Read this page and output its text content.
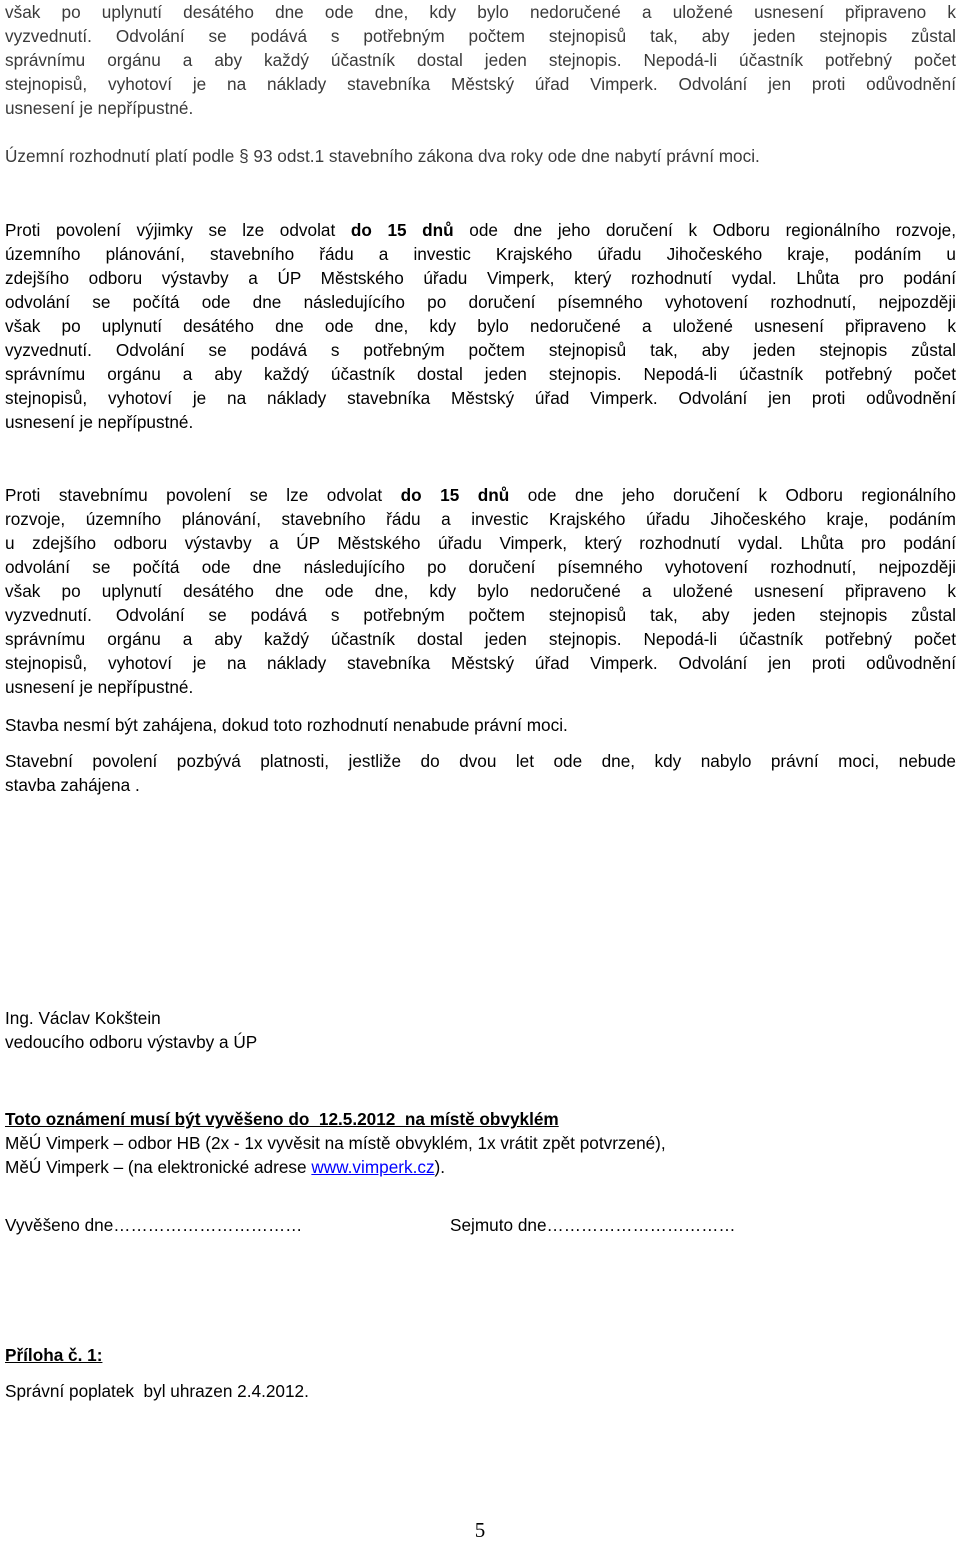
však po uplynutí desátého dne ode dne, kdy bylo nedoručené a uložené usnesení připraveno k
vyzvednutí. Odvolání se podává s potřebným počtem stejnopisů tak, aby jeden stejnopis zůstal
správnímu orgánu a aby každý účastník dostal jeden stejnopis. Nepodá-li účastník potřebný počet
stejnopisů, vyhotoví je na náklady stavebníka Městský úřad Vimperk. Odvolání jen proti odůvodnění
usnesení je nepřípustné.
Územní rozhodnutí platí podle § 93 odst.1 stavebního zákona dva roky ode dne nabytí právní moci.
Proti povolení výjimky se lze odvolat do 15 dnů ode dne jeho doručení k Odboru regionálního rozvoje,
územního plánování, stavebního řádu a investic Krajského úřadu Jihočeského kraje, podáním u
zdejšího odboru výstavby a ÚP Městského úřadu Vimperk, který rozhodnutí vydal. Lhůta pro podání
odvolání se počítá ode dne následujícího po doručení písemného vyhotovení rozhodnutí, nejpozději
však po uplynutí desátého dne ode dne, kdy bylo nedoručené a uložené usnesení připraveno k
vyzvednutí. Odvolání se podává s potřebným počtem stejnopisů tak, aby jeden stejnopis zůstal
správnímu orgánu a aby každý účastník dostal jeden stejnopis. Nepodá-li účastník potřebný počet
stejnopisů, vyhotoví je na náklady stavebníka Městský úřad Vimperk. Odvolání jen proti odůvodnění
usnesení je nepřípustné.
Proti stavebnímu povolení se lze odvolat do 15 dnů ode dne jeho doručení k Odboru regionálního
rozvoje, územního plánování, stavebního řádu a investic Krajského úřadu Jihočeského kraje, podáním
u zdejšího odboru výstavby a ÚP Městského úřadu Vimperk, který rozhodnutí vydal. Lhůta pro podání
odvolání se počítá ode dne následujícího po doručení písemného vyhotovení rozhodnutí, nejpozději
však po uplynutí desátého dne ode dne, kdy bylo nedoručené a uložené usnesení připraveno k
vyzvednutí. Odvolání se podává s potřebným počtem stejnopisů tak, aby jeden stejnopis zůstal
správnímu orgánu a aby každý účastník dostal jeden stejnopis. Nepodá-li účastník potřebný počet
stejnopisů, vyhotoví je na náklady stavebníka Městský úřad Vimperk. Odvolání jen proti odůvodnění
usnesení je nepřípustné.
Stavba nesmí být zahájena, dokud toto rozhodnutí nenabude právní moci.
Stavební povolení pozbývá platnosti, jestliže do dvou let ode dne, kdy nabylo právní moci, nebude
stavba zahájena .
Ing. Václav Kokštein
vedoucího odboru výstavby a ÚP
Toto oznámení musí být vyvěšeno do  12.5.2012  na místě obvyklém
MěÚ Vimperk – odbor HB (2x - 1x vyvěsit na místě obvyklém, 1x vrátit zpět potvrzené),
MěÚ Vimperk – (na elektronické adrese www.vimperk.cz).
Vyvěšeno dne……………………………	Sejmuto dne……………………………
Příloha č. 1:
Správní poplatek  byl uhrazen 2.4.2012.
5
